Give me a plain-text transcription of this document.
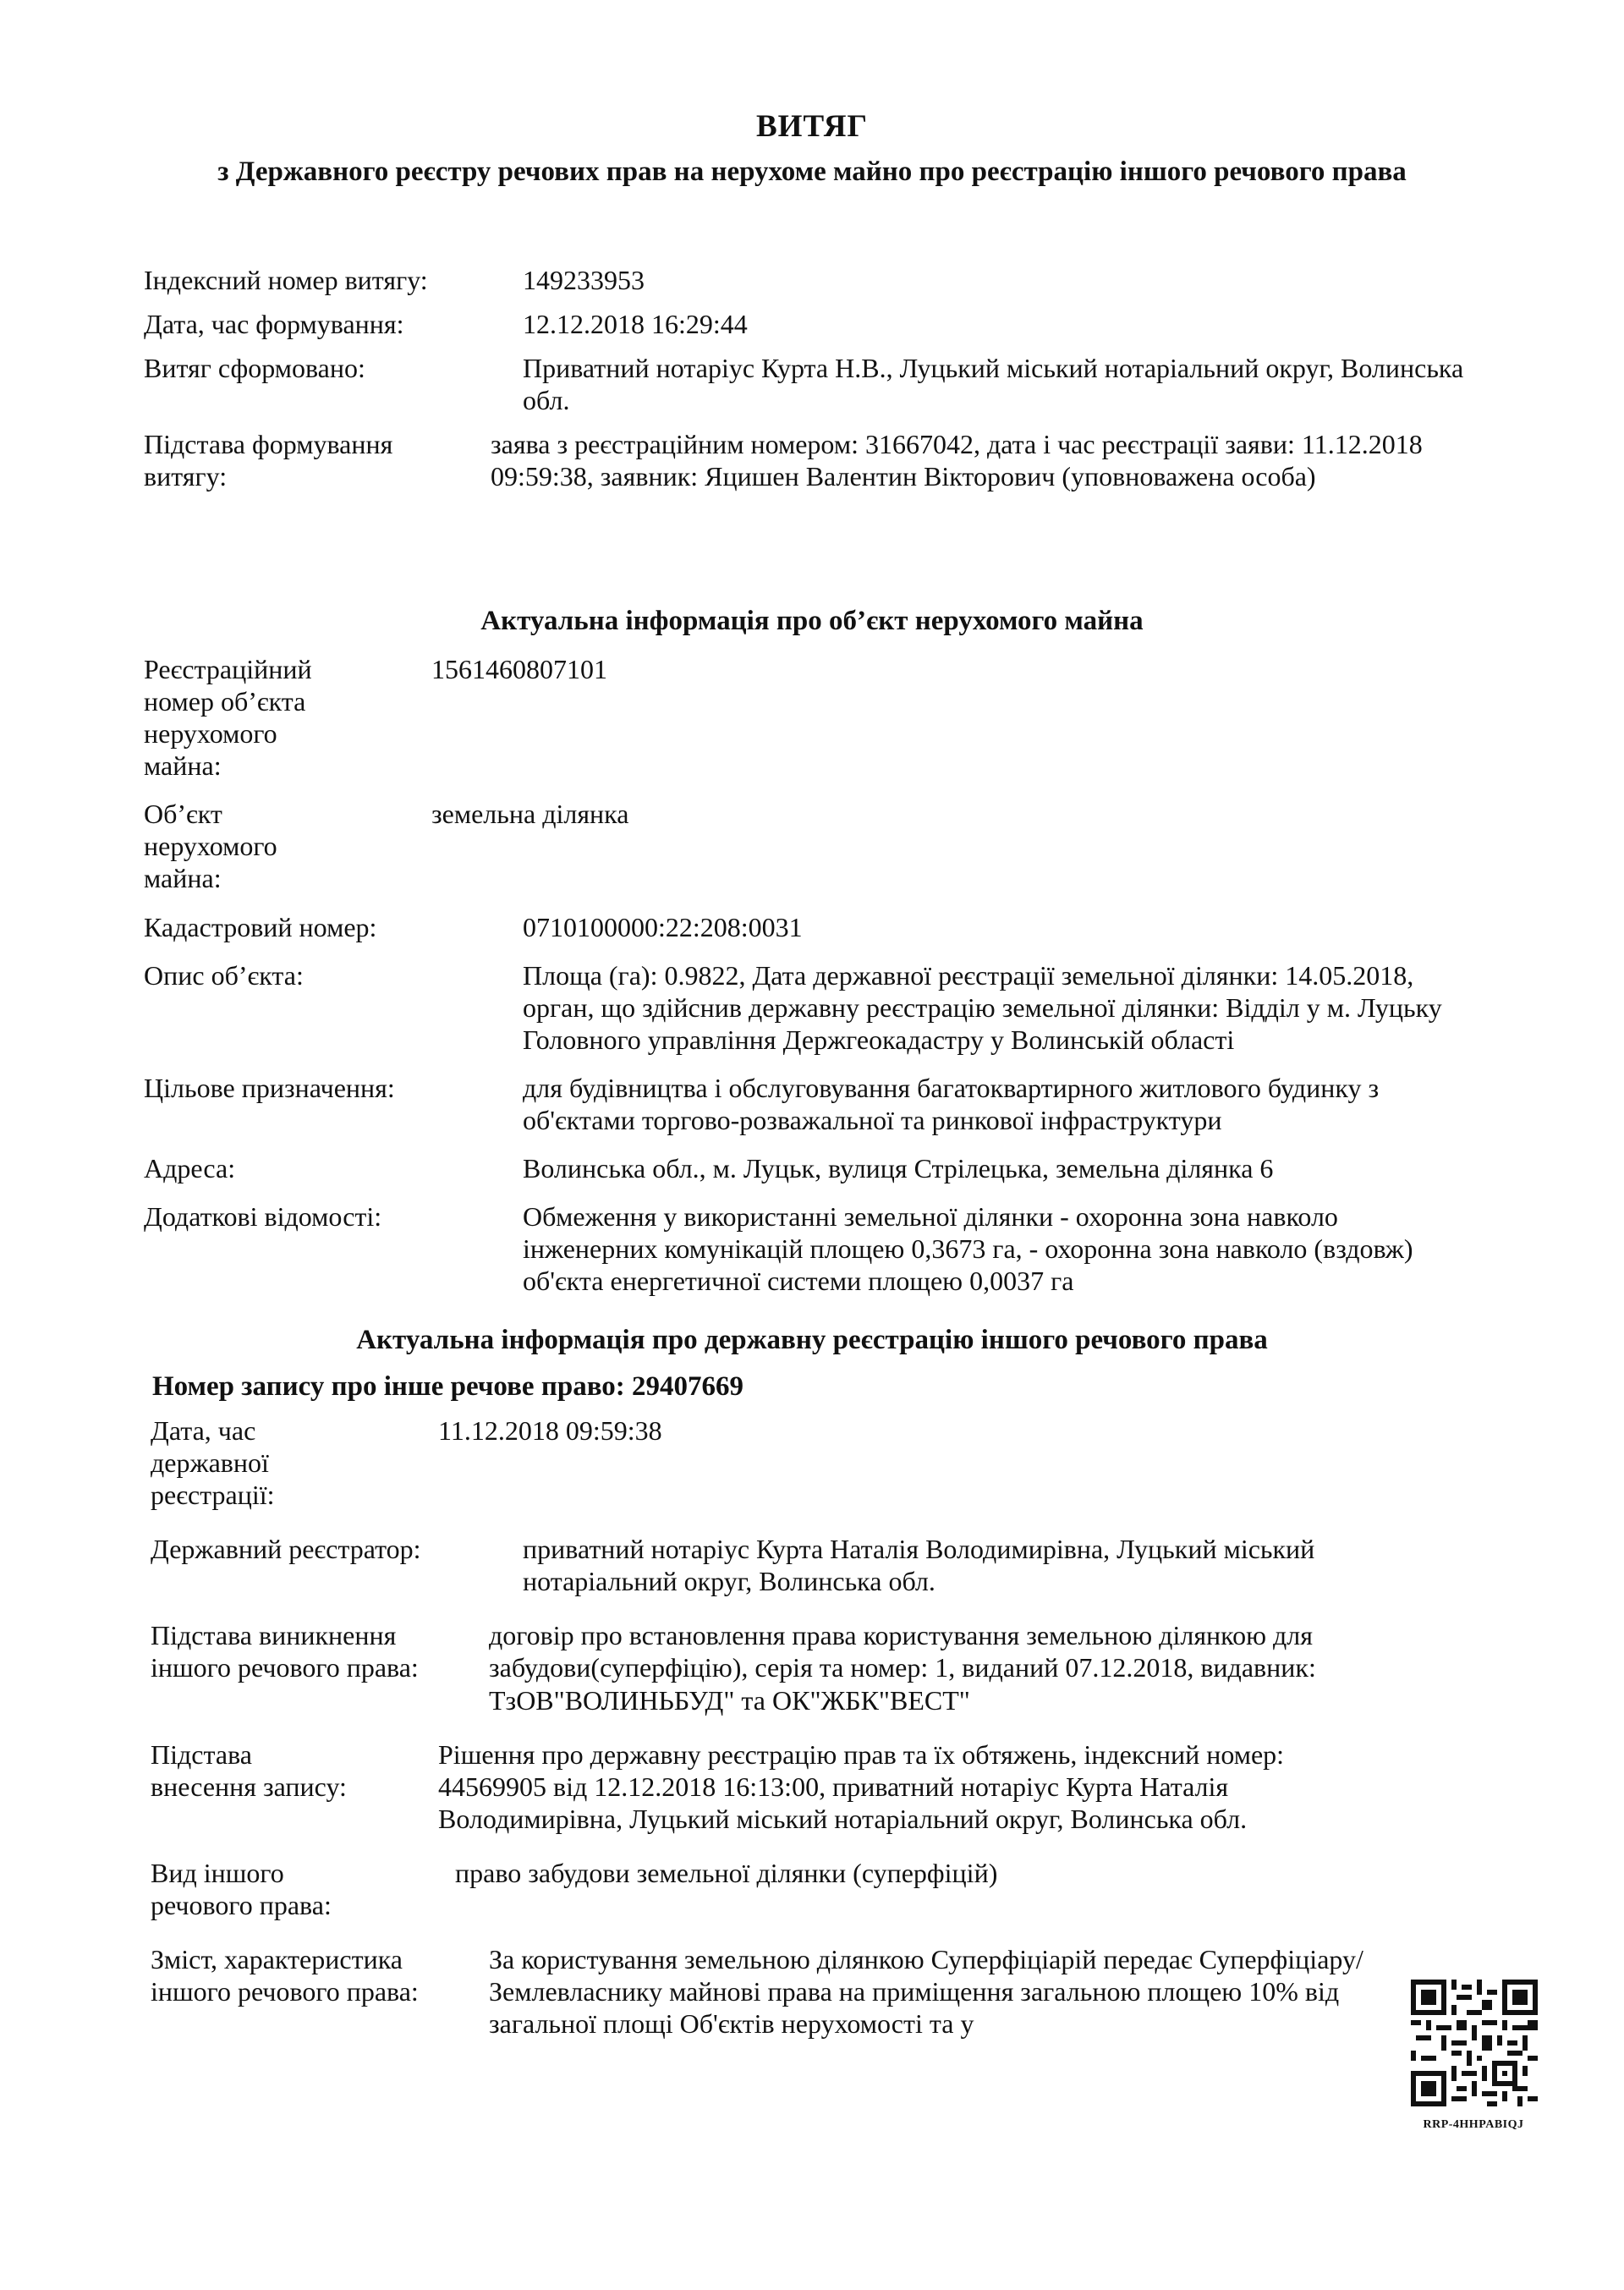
ВИТЯГ
з Державного реєстру речових прав на нерухоме майно про реєстрацію іншого речового права
Індексний номер витягу:	149233953
Дата, час формування:	12.12.2018 16:29:44
Витяг сформовано:	Приватний нотаріус Курта Н.В., Луцький міський нотаріальний округ, Волинська обл.
Підстава формування витягу:
заява з реєстраційним номером: 31667042, дата і час реєстрації заяви: 11.12.2018 09:59:38, заявник: Яцишен Валентин Вікторович (уповноважена особа)
Актуальна інформація про об’єкт нерухомого майна
Реєстраційний номер об’єкта нерухомого майна:
1561460807101
Об’єкт нерухомого майна:
земельна ділянка
Кадастровий номер:	0710100000:22:208:0031
Опис об’єкта:	Площа (га): 0.9822, Дата державної реєстрації земельної ділянки: 14.05.2018, орган, що здійснив державну реєстрацію земельної ділянки: Відділ у м. Луцьку Головного управління Держгеокадастру у Волинській області
Цільове призначення:	для будівництва і обслуговування багатоквартирного житлового будинку з об'єктами торгово-розважальної та ринкової інфраструктури
Адреса:	Волинська обл., м. Луцьк, вулиця Стрілецька, земельна ділянка 6
Додаткові відомості:	Обмеження у використанні земельної ділянки - охоронна зона навколо інженерних комунікацій площею 0,3673 га, - охоронна зона навколо (вздовж) об'єкта енергетичної системи площею 0,0037 га
Актуальна інформація про державну реєстрацію іншого речового права
Номер запису про інше речове право: 29407669
Дата, час державної реєстрації:
11.12.2018 09:59:38
Державний реєстратор:	приватний нотаріус Курта Наталія Володимирівна, Луцький міський нотаріальний округ, Волинська обл.
Підстава виникнення іншого речового права:
договір про встановлення права користування земельною ділянкою для забудови(суперфіцію), серія та номер: 1, виданий 07.12.2018, видавник: ТзОВ"ВОЛИНЬБУД" та ОК"ЖБК"ВЕСТ"
Підстава внесення запису:
Рішення про державну реєстрацію прав та їх обтяжень, індексний номер: 44569905 від 12.12.2018 16:13:00, приватний нотаріус Курта Наталія Володимирівна, Луцький міський нотаріальний округ, Волинська обл.
Вид іншого речового права:
право забудови земельної ділянки (суперфіцій)
Зміст, характеристика іншого речового права:
За користування земельною ділянкою Суперфіціарій передає Суперфіціару/Землевласнику майнові права на приміщення загальною площею 10% від загальної площі Об'єктів нерухомості та у
RRP-4HHPABIQJ
